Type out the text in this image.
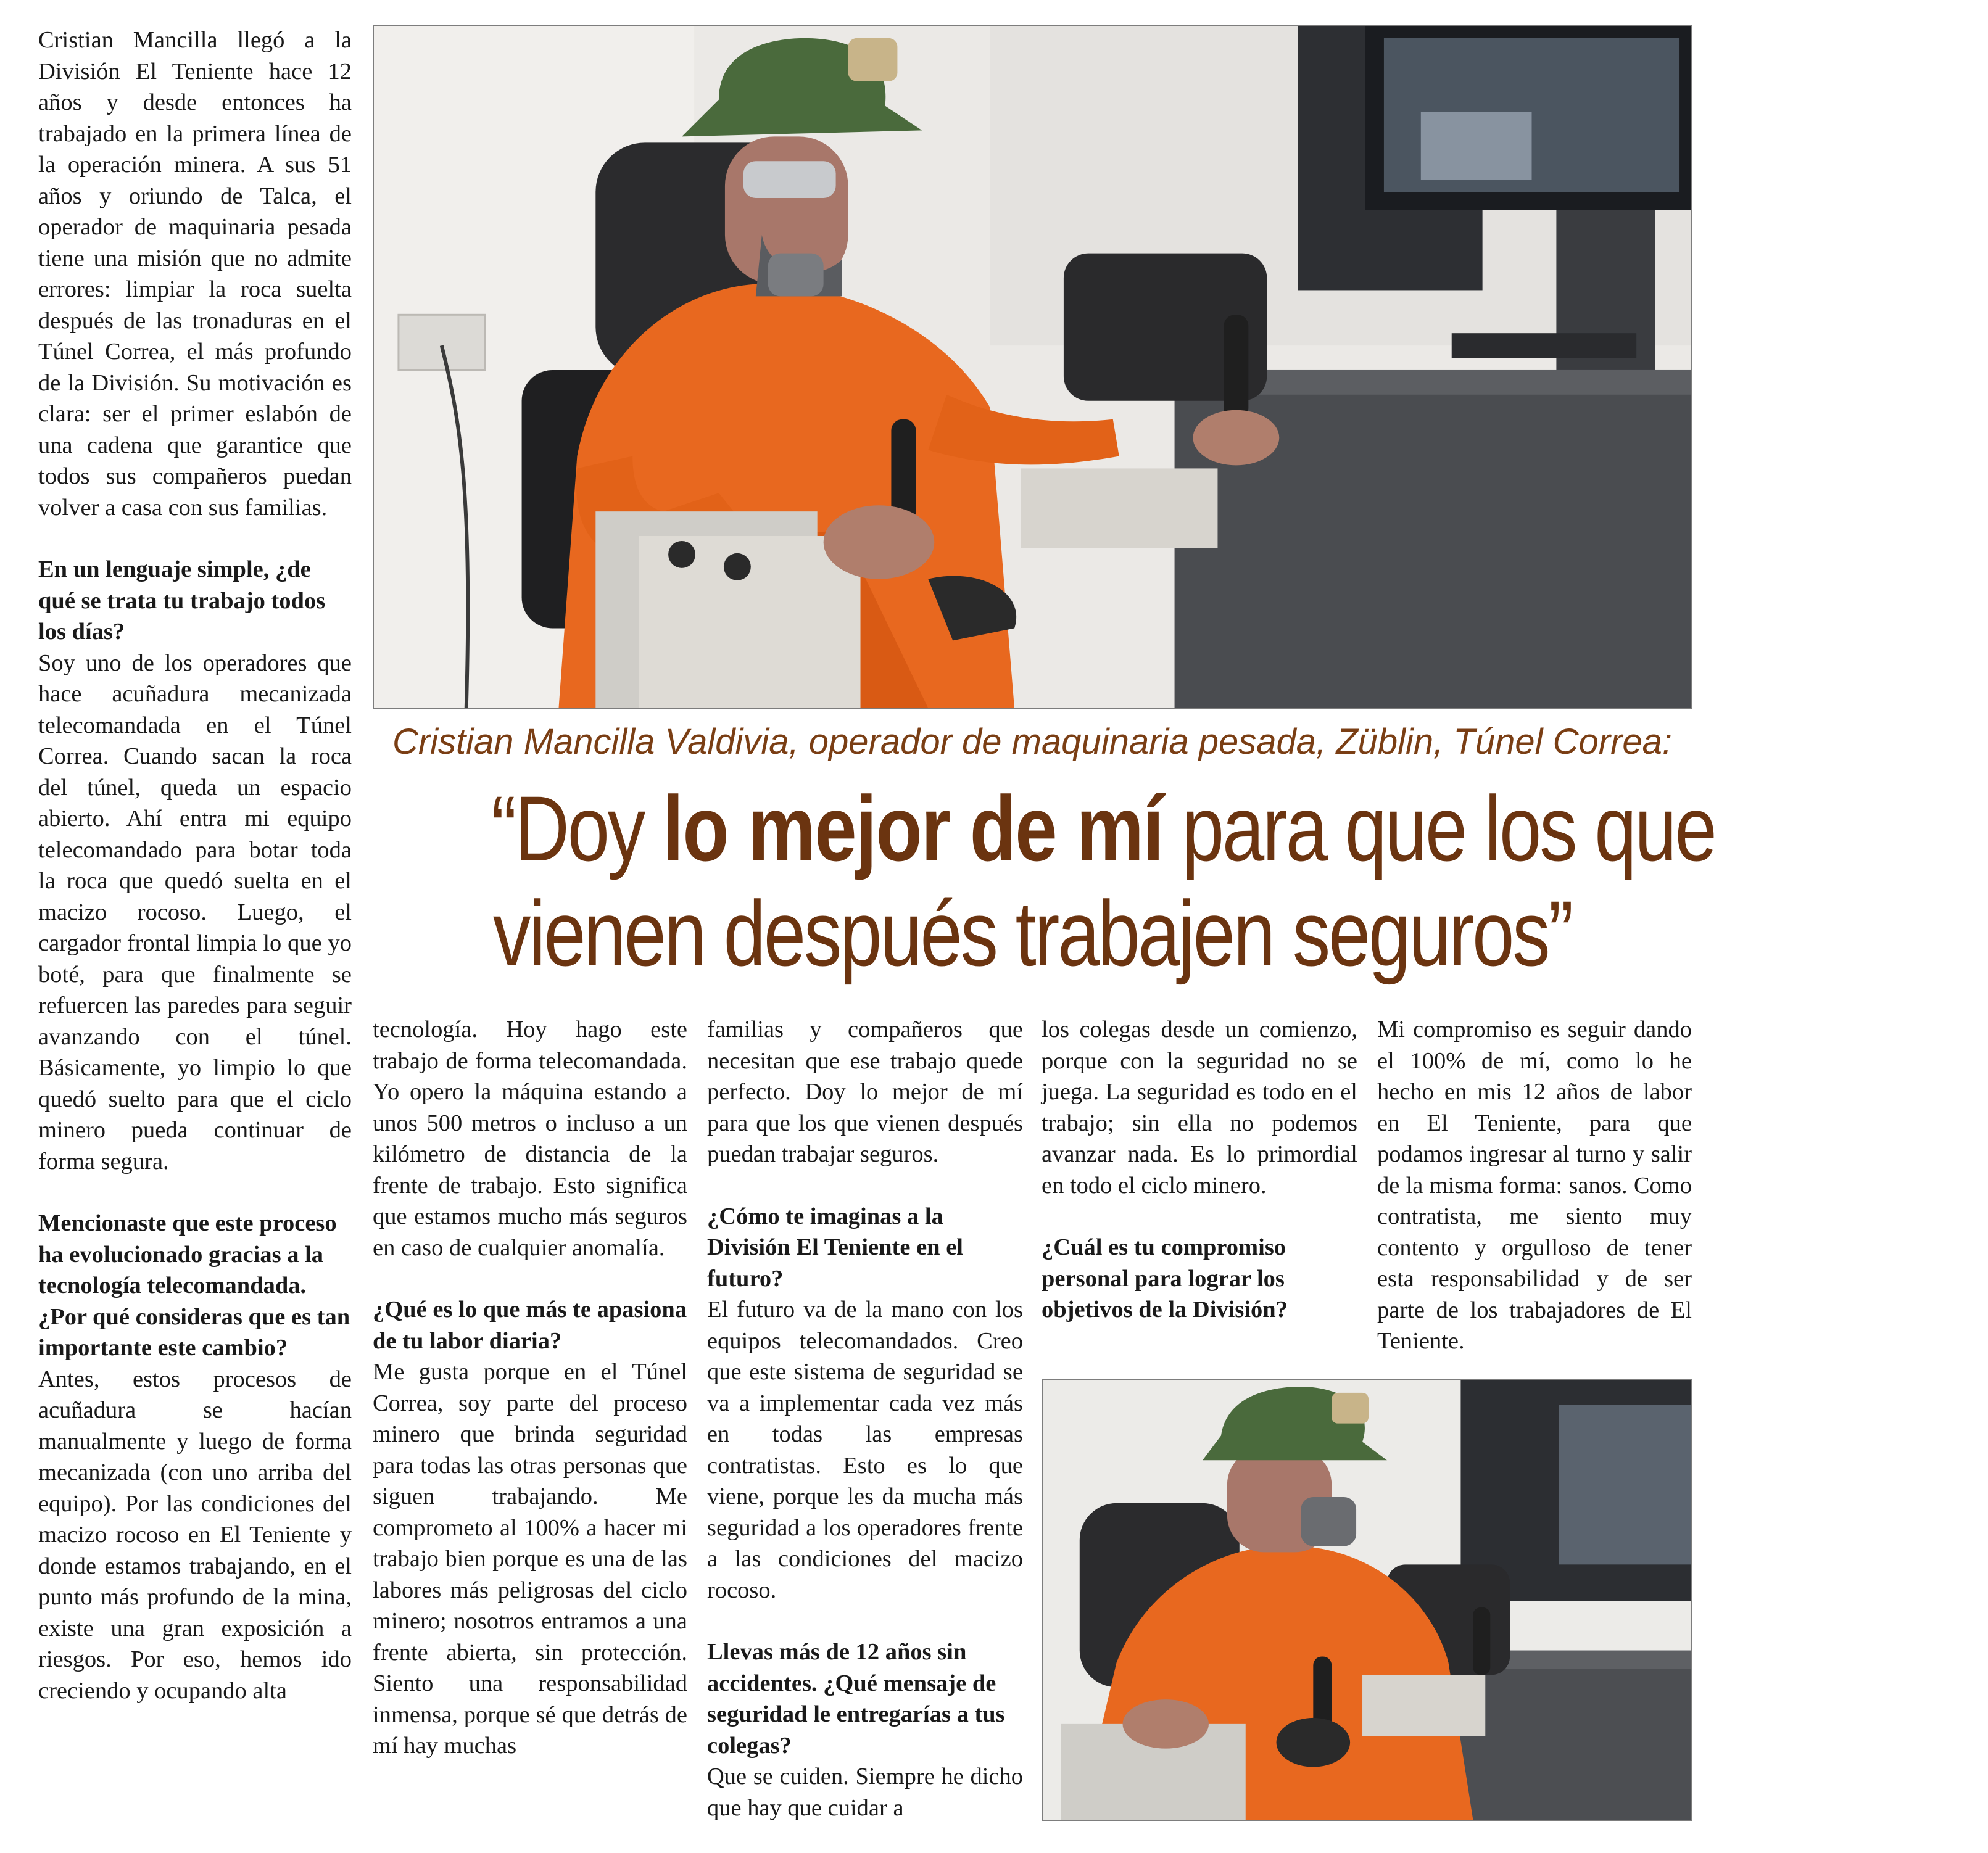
Cristian Mancilla llegó a la División El Teniente hace 12 años y desde entonces ha trabajado en la primera línea de la operación minera. A sus 51 años y oriundo de Talca, el operador de maquinaria pesada tiene una misión que no admite errores: limpiar la roca suelta después de las tronaduras en el Túnel Correa, el más profundo de la División. Su motivación es clara: ser el primer eslabón de una cadena que garantice que todos sus compañeros puedan volver a casa con sus familias.

En un lenguaje simple, ¿de qué se trata tu trabajo todos los días?

Soy uno de los operadores que hace acuñadura mecanizada telecomandada en el Túnel Correa. Cuando sacan la roca del túnel, queda un espacio abierto. Ahí entra mi equipo telecomandado para botar toda la roca que quedó suelta en el macizo rocoso. Luego, el cargador frontal limpia lo que yo boté, para que finalmente se refuercen las paredes para seguir avanzando con el túnel. Básicamente, yo limpio lo que quedó suelto para que el ciclo minero pueda continuar de forma segura.

Mencionaste que este proceso ha evolucionado gracias a la tecnología telecomandada. ¿Por qué consideras que es tan importante este cambio?

Antes, estos procesos de acuñadura se hacían manualmente y luego de forma mecanizada (con uno arriba del equipo). Por las condiciones del macizo rocoso en El Teniente y donde estamos trabajando, en el punto más profundo de la mina, existe una gran exposición a riesgos. Por eso, hemos ido creciendo y ocupando alta

Cristian Mancilla Valdivia, operador de maquinaria pesada, Züblin, Túnel Correa:
“Doy lo mejor de mí para que los que
vienen después trabajen seguros”

tecnología. Hoy hago este trabajo de forma telecomandada. Yo opero la máquina estando a unos 500 metros o incluso a un kilómetro de distancia de la frente de trabajo. Esto significa que estamos mucho más seguros en caso de cualquier anomalía.

¿Qué es lo que más te apasiona de tu labor diaria?

Me gusta porque en el Túnel Correa, soy parte del proceso minero que brinda seguridad para todas las otras personas que siguen trabajando. Me comprometo al 100% a hacer mi trabajo bien porque es una de las labores más peligrosas del ciclo minero; nosotros entramos a una frente abierta, sin protección. Siento una responsabilidad inmensa, porque sé que detrás de mí hay muchas

familias y compañeros que necesitan que ese trabajo quede perfecto. Doy lo mejor de mí para que los que vienen después puedan trabajar seguros.

¿Cómo te imaginas a la División El Teniente en el futuro?

El futuro va de la mano con los equipos telecomandados. Creo que este sistema de seguridad se va a implementar cada vez más en todas las empresas contratistas. Esto es lo que viene, porque les da mucha más seguridad a los operadores frente a las condiciones del macizo rocoso.

Llevas más de 12 años sin accidentes. ¿Qué mensaje de seguridad le entregarías a tus colegas?

Que se cuiden. Siempre he dicho que hay que cuidar a

los colegas desde un comienzo, porque con la seguridad no se juega. La seguridad es todo en el trabajo; sin ella no podemos avanzar nada. Es lo primordial en todo el ciclo minero.

¿Cuál es tu compromiso personal para lograr los objetivos de la División?

Mi compromiso es seguir dando el 100% de mí, como lo he hecho en mis 12 años de labor en El Teniente, para que podamos ingresar al turno y salir de la misma forma: sanos. Como contratista, me siento muy contento y orgulloso de tener esta responsabilidad y de ser parte de los trabajadores de El Teniente.
